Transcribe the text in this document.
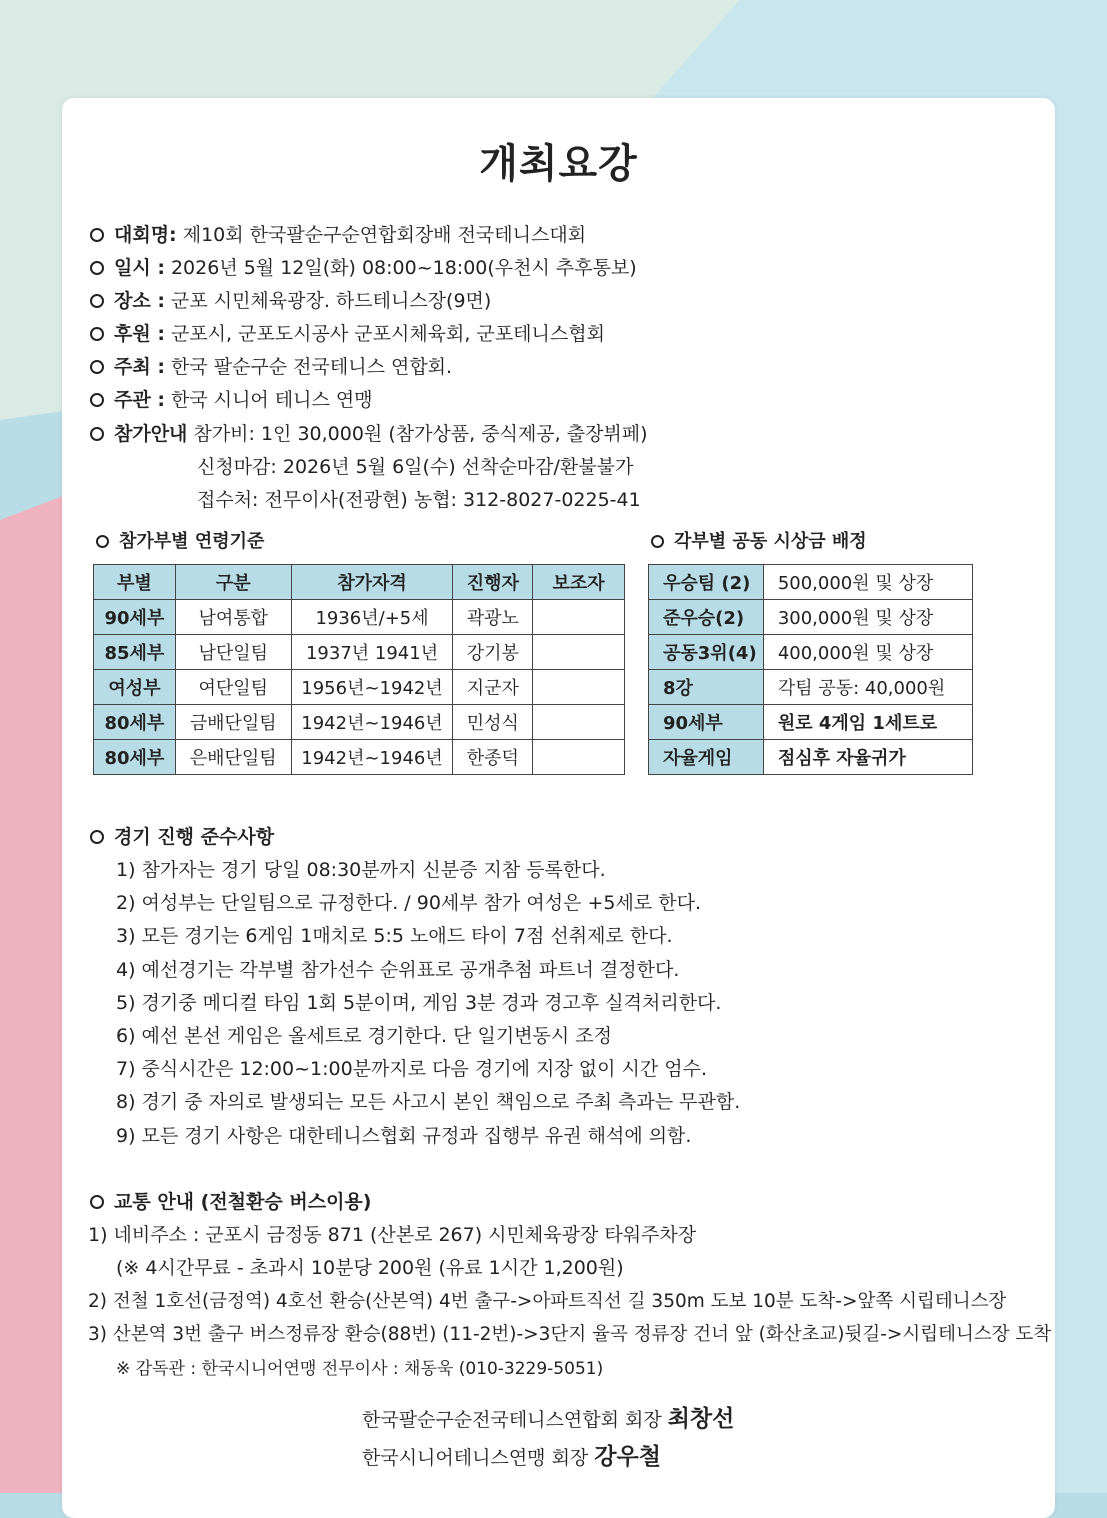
개최요강
대회명: 제10회 한국팔순구순연합회장배 전국테니스대회
일시 : 2026년 5월 12일(화) 08:00~18:00(우천시 추후통보)
장소 : 군포 시민체육광장. 하드테니스장(9면)
후원 : 군포시, 군포도시공사 군포시체육회, 군포테니스협회
주최 : 한국 팔순구순 전국테니스 연합회.
주관 : 한국 시니어 테니스 연맹
참가안내 참가비: 1인 30,000원 (참가상품, 중식제공, 출장뷔페)
신청마감: 2026년 5월 6일(수) 선착순마감/환불불가
접수처: 전무이사(전광현) 농협: 312-8027-0225-41
참가부별 연령기준	각부별 공동 시상금 배정
부별	구분	참가자격	진행자	보조자
90세부	남여통합	1936년/+5세	곽광노	
85세부	남단일팀	1937년 1941년	강기봉	
여성부	여단일팀	1956년~1942년	지군자	
80세부	금배단일팀	1942년~1946년	민성식	
80세부	은배단일팀	1942년~1946년	한종덕	
우승팀 (2)	500,000원 및 상장
준우승(2)	300,000원 및 상장
공동3위(4)	400,000원 및 상장
8강	각팀 공동: 40,000원
90세부	원로 4게임 1세트로
자율게임	점심후 자율귀가
경기 진행 준수사항
1) 참가자는 경기 당일 08:30분까지 신분증 지참 등록한다.
2) 여성부는 단일팀으로 규정한다. / 90세부 참가 여성은 +5세로 한다.
3) 모든 경기는 6게임 1매치로 5:5 노애드 타이 7점 선취제로 한다.
4) 예선경기는 각부별 참가선수 순위표로 공개추첨 파트너 결정한다.
5) 경기중 메디컬 타임 1회 5분이며, 게임 3분 경과 경고후 실격처리한다.
6) 예선 본선 게임은 올세트로 경기한다. 단 일기변동시 조정
7) 중식시간은 12:00~1:00분까지로 다음 경기에 지장 없이 시간 엄수.
8) 경기 중 자의로 발생되는 모든 사고시 본인 책임으로 주최 측과는 무관함.
9) 모든 경기 사항은 대한테니스협회 규정과 집행부 유권 해석에 의함.
교통 안내 (전철환승 버스이용)
1) 네비주소 : 군포시 금정동 871 (산본로 267) 시민체육광장 타워주차장
(※ 4시간무료 - 초과시 10분당 200원 (유료 1시간 1,200원)
2) 전철 1호선(금정역) 4호선 환승(산본역) 4번 출구->아파트직선 길 350m 도보 10분 도착->앞쪽 시립테니스장
3) 산본역 3번 출구 버스정류장 환승(88번) (11-2번)->3단지 율곡 정류장 건너 앞 (화산초교)뒷길->시립테니스장 도착
※ 감독관 : 한국시니어연맹 전무이사 : 채동욱 (010-3229-5051)
한국팔순구순전국테니스연합회 회장 최창선
한국시니어테니스연맹 회장 강우철
